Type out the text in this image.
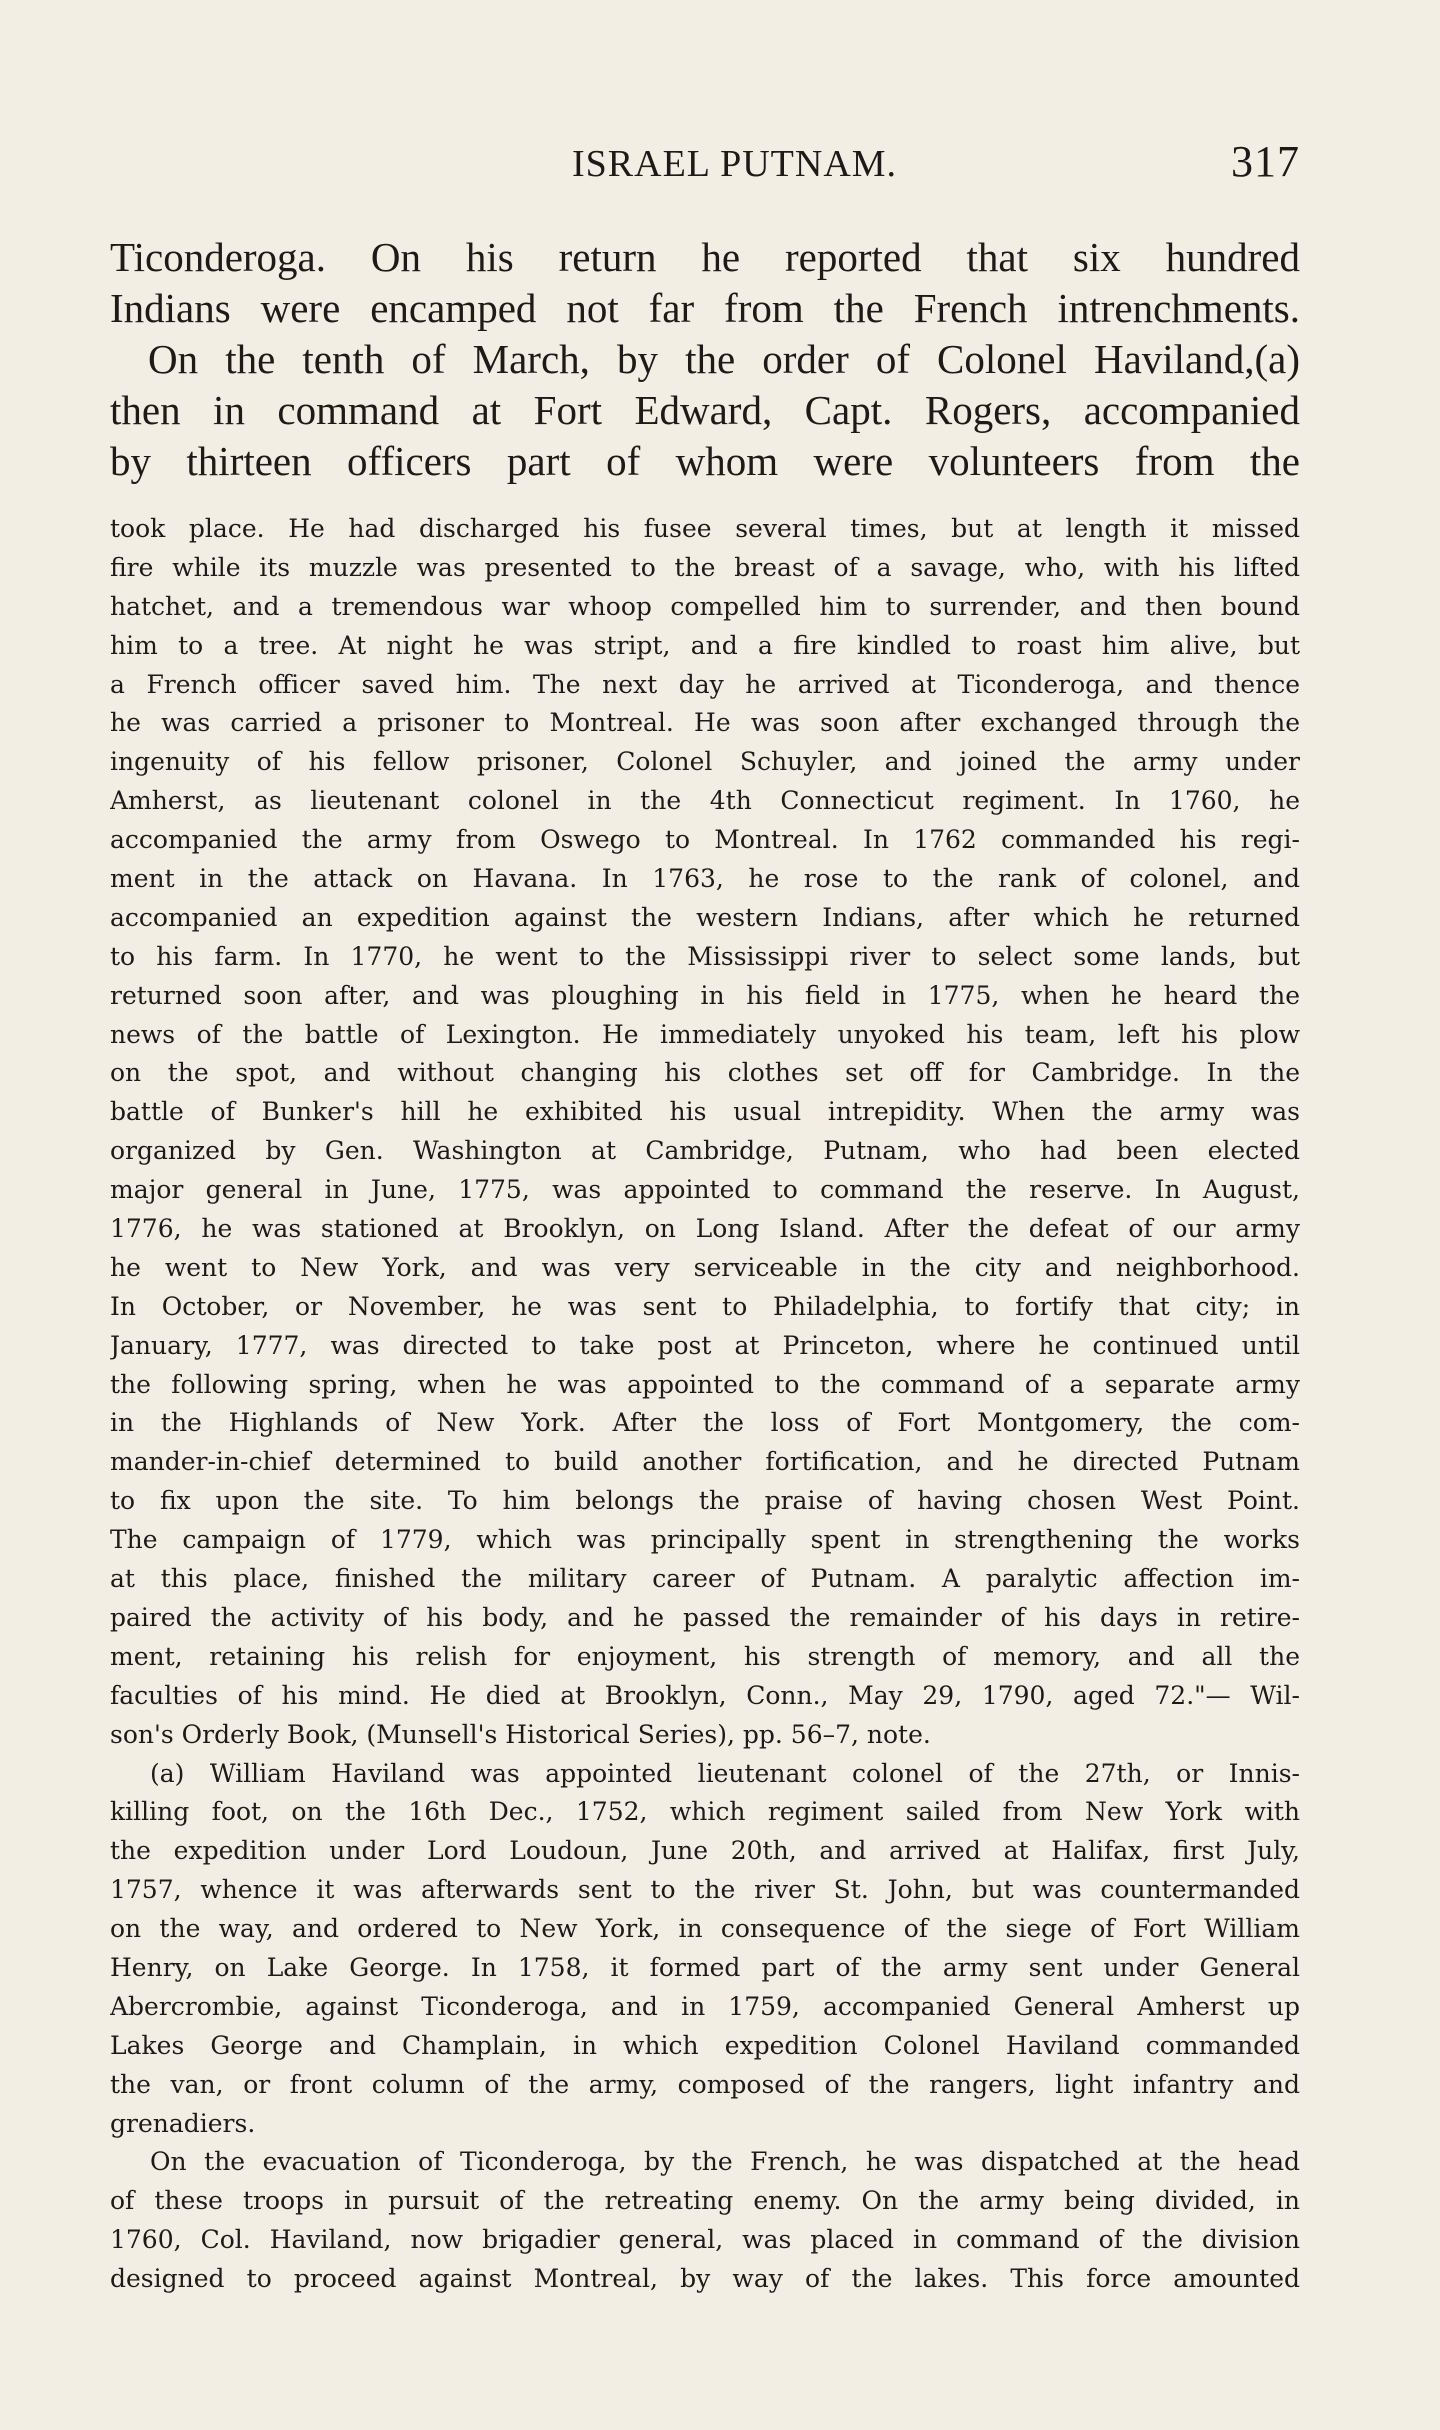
ISRAEL PUTNAM.	317
Ticonderoga. On his return he reported that six hundred
Indians were encamped not far from the French intrenchments.
On the tenth of March, by the order of Colonel Haviland,(a)
then in command at Fort Edward, Capt. Rogers, accompanied
by thirteen officers part of whom were volunteers from the
took place. He had discharged his fusee several times, but at length it missed
fire while its muzzle was presented to the breast of a savage, who, with his lifted
hatchet, and a tremendous war whoop compelled him to surrender, and then bound
him to a tree. At night he was stript, and a fire kindled to roast him alive, but
a French officer saved him. The next day he arrived at Ticonderoga, and thence
he was carried a prisoner to Montreal. He was soon after exchanged through the
ingenuity of his fellow prisoner, Colonel Schuyler, and joined the army under
Amherst, as lieutenant colonel in the 4th Connecticut regiment. In 1760, he
accompanied the army from Oswego to Montreal. In 1762 commanded his regi-
ment in the attack on Havana. In 1763, he rose to the rank of colonel, and
accompanied an expedition against the western Indians, after which he returned
to his farm. In 1770, he went to the Mississippi river to select some lands, but
returned soon after, and was ploughing in his field in 1775, when he heard the
news of the battle of Lexington. He immediately unyoked his team, left his plow
on the spot, and without changing his clothes set off for Cambridge. In the
battle of Bunker's hill he exhibited his usual intrepidity. When the army was
organized by Gen. Washington at Cambridge, Putnam, who had been elected
major general in June, 1775, was appointed to command the reserve. In August,
1776, he was stationed at Brooklyn, on Long Island. After the defeat of our army
he went to New York, and was very serviceable in the city and neighborhood.
In October, or November, he was sent to Philadelphia, to fortify that city; in
January, 1777, was directed to take post at Princeton, where he continued until
the following spring, when he was appointed to the command of a separate army
in the Highlands of New York. After the loss of Fort Montgomery, the com-
mander-in-chief determined to build another fortification, and he directed Putnam
to fix upon the site. To him belongs the praise of having chosen West Point.
The campaign of 1779, which was principally spent in strengthening the works
at this place, finished the military career of Putnam. A paralytic affection im-
paired the activity of his body, and he passed the remainder of his days in retire-
ment, retaining his relish for enjoyment, his strength of memory, and all the
faculties of his mind. He died at Brooklyn, Conn., May 29, 1790, aged 72."— Wil-
son's Orderly Book, (Munsell's Historical Series), pp. 56–7, note.
(a) William Haviland was appointed lieutenant colonel of the 27th, or Innis-
killing foot, on the 16th Dec., 1752, which regiment sailed from New York with
the expedition under Lord Loudoun, June 20th, and arrived at Halifax, first July,
1757, whence it was afterwards sent to the river St. John, but was countermanded
on the way, and ordered to New York, in consequence of the siege of Fort William
Henry, on Lake George. In 1758, it formed part of the army sent under General
Abercrombie, against Ticonderoga, and in 1759, accompanied General Amherst up
Lakes George and Champlain, in which expedition Colonel Haviland commanded
the van, or front column of the army, composed of the rangers, light infantry and
grenadiers.
On the evacuation of Ticonderoga, by the French, he was dispatched at the head
of these troops in pursuit of the retreating enemy. On the army being divided, in
1760, Col. Haviland, now brigadier general, was placed in command of the division
designed to proceed against Montreal, by way of the lakes. This force amounted
